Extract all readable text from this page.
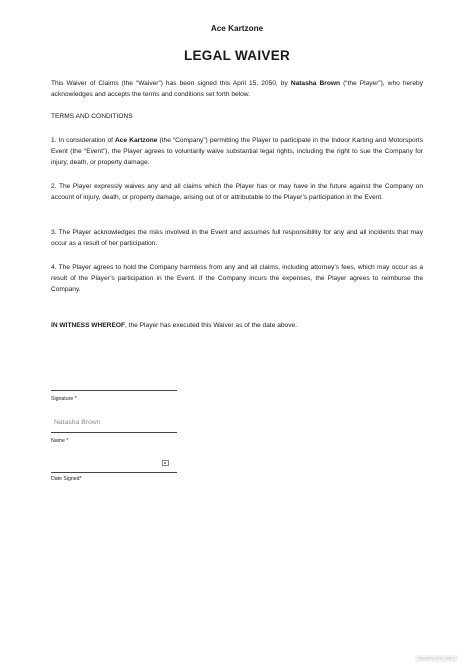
Ace Kartzone
LEGAL WAIVER

This Waiver of Claims (the “Waiver”) has been signed this April 15, 2050, by Natasha Brown (“the Player”), who hereby acknowledges and accepts the terms and conditions set forth below.

TERMS AND CONDITIONS

1. In consideration of Ace Kartzone (the “Company”) permitting the Player to participate in the Indoor Karting and Motorsports Event (the “Event”), the Player agrees to voluntarily waive substantial legal rights, including the right to sue the Company for injury, death, or property damage.

2. The Player expressly waives any and all claims which the Player has or may have in the future against the Company on account of injury, death, or property damage, arising out of or attributable to the Player’s participation in the Event.

3. The Player acknowledges the risks involved in the Event and assumes full responsibility for any and all incidents that may occur as a result of her participation.

4. The Player agrees to hold the Company harmless from any and all claims, including attorney’s fees, which may occur as a result of the Player’s participation in the Event. If the Company incurs the expenses, the Player agrees to reimburse the Company.

IN WITNESS WHEREOF, the Player has executed this Waiver as of the date above.

Signature *
Natasha Brown
Name *
Date Signed*
TEMPLATE.NET
